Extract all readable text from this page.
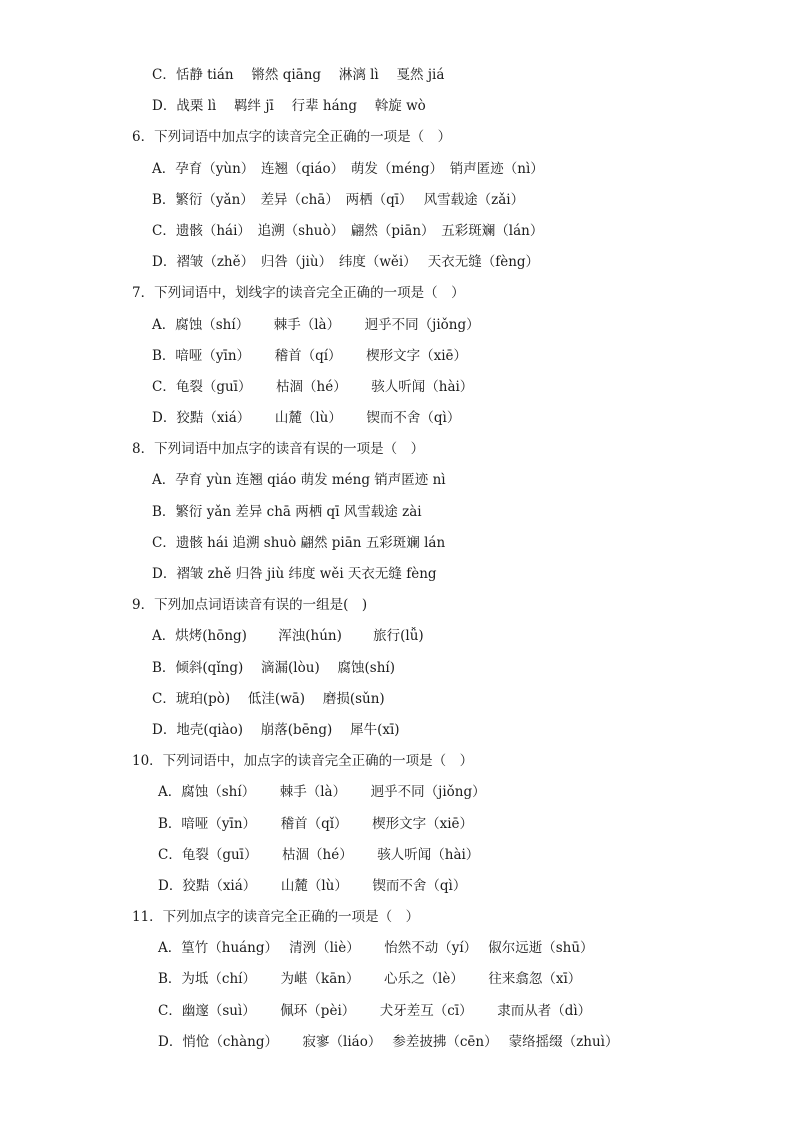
C．恬静 tián　 锵然 qiāng　 淋漓 lì　 戛然 jiá
D．战栗 lì　 羁绊 jī　 行辈 háng　 斡旋 wò
6．下列词语中加点字的读音完全正确的一项是（　）
A．孕育（yùn）　连翘（qiáo）　萌发（méng）　销声匿迹（nì）
B．繁衍（yǎn）　差异（chā）　两栖（qī）　 风雪载途（zǎi）
C．遗骸（hái）　追溯（shuò）　翩然（piān）　五彩斑斓（lán）
D．褶皱（zhě）　归咎（jiù）　纬度（wěi）　 天衣无缝（fèng）
7．下列词语中，划线字的读音完全正确的一项是（　）
A．腐蚀（shí）　　 棘手（là）　　 迥乎不同（jiǒng）
B．喑哑（yīn）　　 稽首（qí）　　 楔形文字（xiē）
C．龟裂（guī）　　 枯涸（hé）　　 骇人听闻（hài）
D．狡黠（xiá）　　 山麓（lù）　　 锲而不舍（qì）
8．下列词语中加点字的读音有误的一项是（　）
A．孕育 yùn 连翘 qiáo 萌发 méng 销声匿迹 nì
B．繁衍 yǎn 差异 chā 两栖 qī 风雪载途 zài
C．遗骸 hái 追溯 shuò 翩然 piān 五彩斑斓 lán
D．褶皱 zhě 归咎 jiù 纬度 wěi 天衣无缝 fèng
9．下列加点词语读音有误的一组是(　)
A．烘烤(hōng)　　 浑浊(hún)　　 旅行(lǚ)
B．倾斜(qǐng)　 滴漏(lòu)　 腐蚀(shí)
C．琥珀(pò)　 低洼(wā)　 磨损(sǔn)
D．地壳(qiào)　 崩落(bēng)　 犀牛(xī)
10．下列词语中，加点字的读音完全正确的一项是（　）
A．腐蚀（shí）　　 棘手（là）　　 迥乎不同（jiǒng）
B．喑哑（yīn）　　 稽首（qǐ）　　 楔形文字（xiē）
C．龟裂（guī）　　 枯涸（hé）　　 骇人听闻（hài）
D．狡黠（xiá）　　 山麓（lù）　　 锲而不舍（qì）
11．下列加点字的读音完全正确的一项是（　）
A．篁竹（huáng）　 清洌（liè）　　 怡然不动（yí）　 俶尔远逝（shū）
B．为坻（chí）　　 为嵁（kān）　　 心乐之（lè）　　 往来翕忽（xī）
C．幽邃（suì）　　 佩环（pèi）　　 犬牙差互（cī）　　 隶而从者（dì）
D．悄怆（chàng）　　 寂寥（liáo）　 参差披拂（cēn）　 蒙络摇缀（zhuì）
